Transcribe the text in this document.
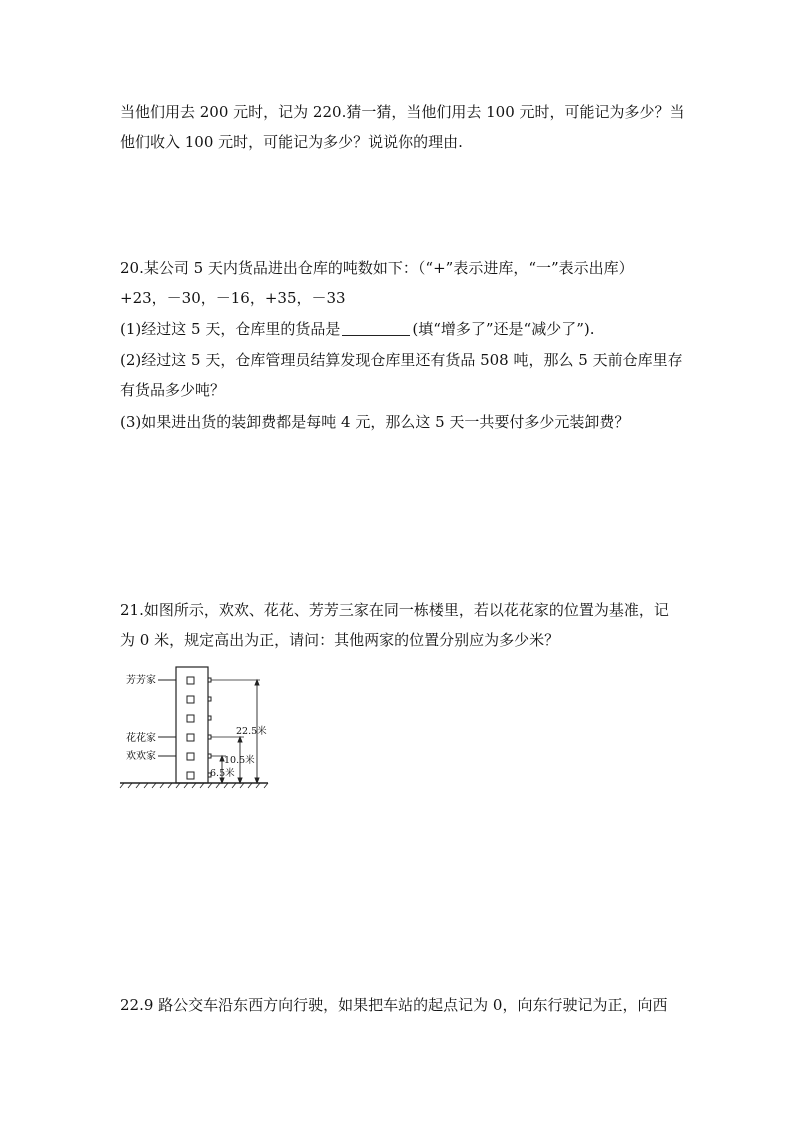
当他们用去 200 元时，记为 220.猜一猜，当他们用去 100 元时，可能记为多少？当
他们收入 100 元时，可能记为多少？说说你的理由.
20.某公司 5 天内货品进出仓库的吨数如下：（“+”表示进库，“一”表示出库）
+23，－30，－16，+35，－33
(1)经过这 5 天，仓库里的货品是	(填“增多了”还是“减少了”).
(2)经过这 5 天，仓库管理员结算发现仓库里还有货品 508 吨，那么 5 天前仓库里存
有货品多少吨？
(3)如果进出货的装卸费都是每吨 4 元，那么这 5 天一共要付多少元装卸费？
21.如图所示，欢欢、花花、芳芳三家在同一栋楼里，若以花花家的位置为基准，记
为 0 米，规定高出为正，请问：其他两家的位置分别应为多少米？
芳芳家
花花家
欢欢家
22.5米
10.5米
6.5米
22.9 路公交车沿东西方向行驶，如果把车站的起点记为 0，向东行驶记为正，向西
